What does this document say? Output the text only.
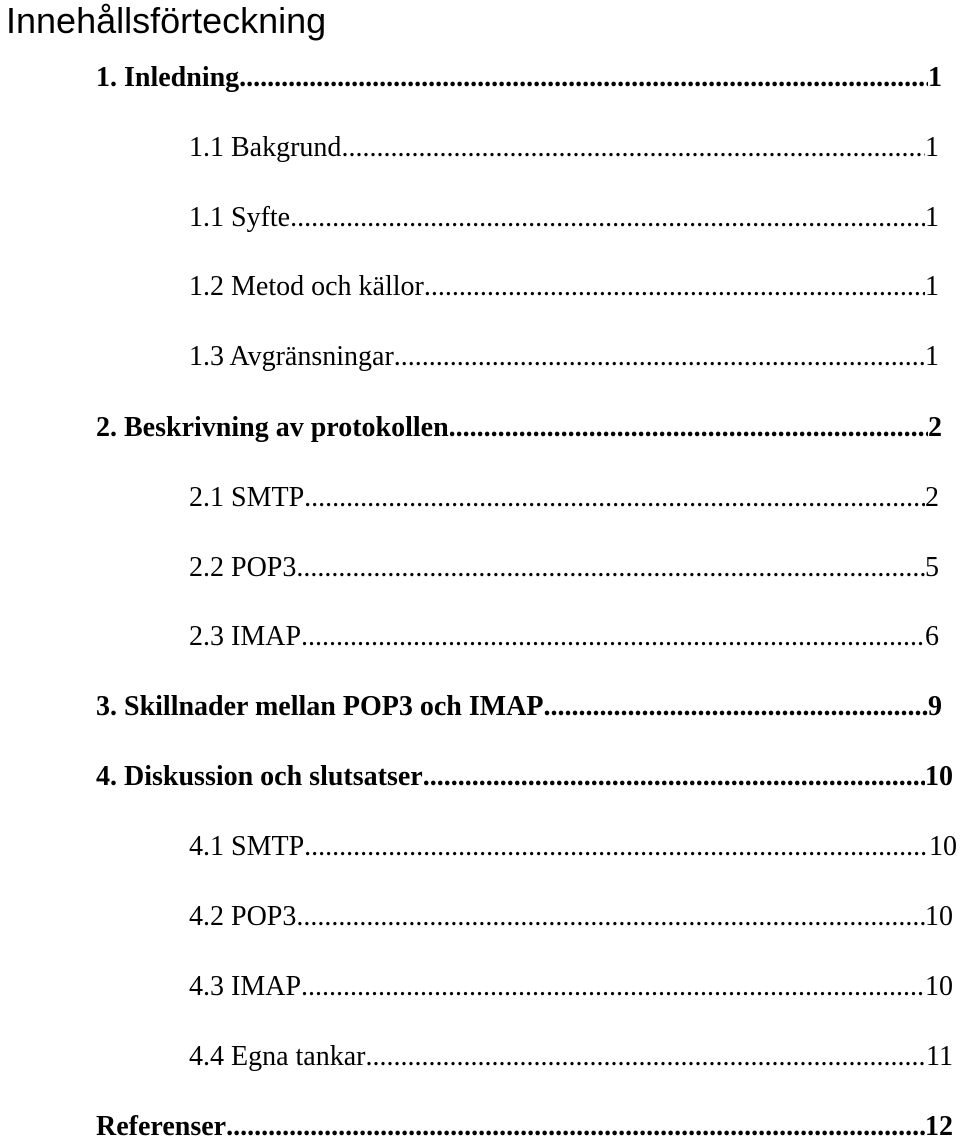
Innehållsförteckning
1. Inledning .....	1
1.1 Bakgrund .....	1
1.1 Syfte .....	1
1.2 Metod och källor .....	1
1.3 Avgränsningar .....	1
2. Beskrivning av protokollen .....	2
2.1 SMTP .....	2
2.2 POP3 .....	5
2.3 IMAP .....	6
3. Skillnader mellan POP3 och IMAP .....	9
4. Diskussion och slutsatser .....	10
4.1 SMTP .....	10
4.2 POP3 .....	10
4.3 IMAP .....	10
4.4 Egna tankar .....	11
Referenser .....	12
